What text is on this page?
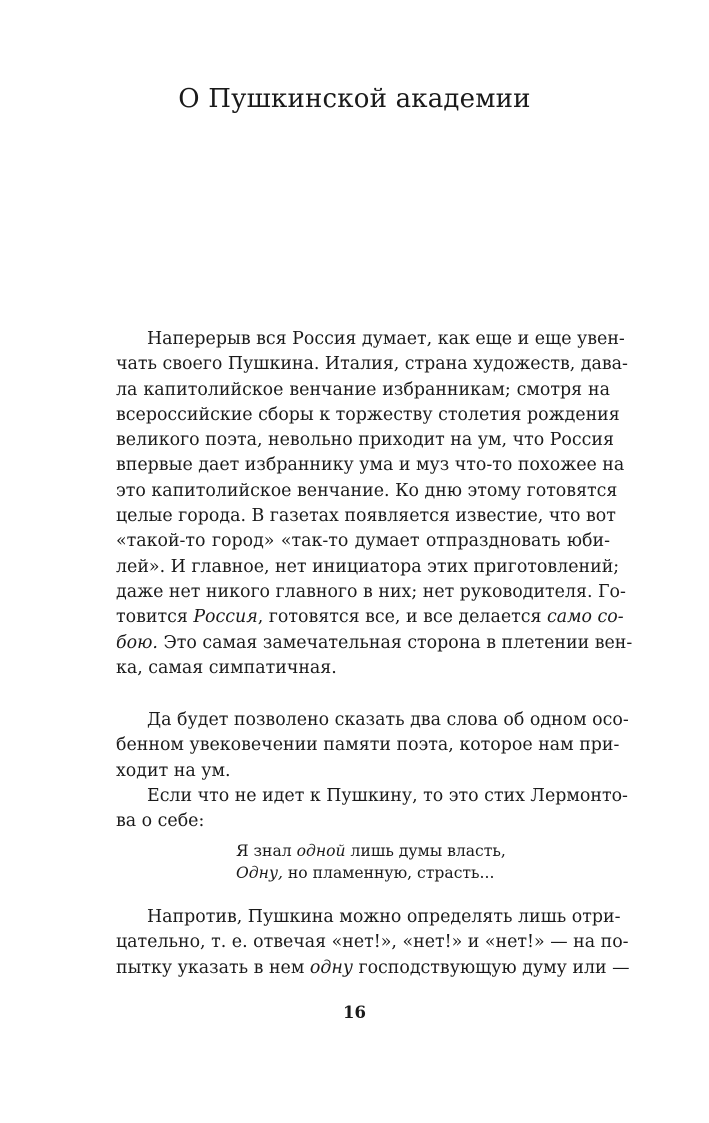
О Пушкинской академии
Наперерыв вся Россия думает, как еще и еще увен-
чать своего Пушкина. Италия, страна художеств, дава-
ла капитолийское венчание избранникам; смотря на
всероссийские сборы к торжеству столетия рождения
великого поэта, невольно приходит на ум, что Россия
впервые дает избраннику ума и муз что-то похожее на
это капитолийское венчание. Ко дню этому готовятся
целые города. В газетах появляется известие, что вот
«такой-то город» «так-то думает отпраздновать юби-
лей». И главное, нет инициатора этих приготовлений;
даже нет никого главного в них; нет руководителя. Го-
товится Россия, готовятся все, и все делается само со-
бою. Это самая замечательная сторона в плетении вен-
ка, самая симпатичная.
Да будет позволено сказать два слова об одном осо-
бенном увековечении памяти поэта, которое нам при-
ходит на ум.
Если что не идет к Пушкину, то это стих Лермонто-
ва о себе:
Я знал одной лишь думы власть,
Одну, но пламенную, страсть...
Напротив, Пушкина можно определять лишь отри-
цательно, т. е. отвечая «нет!», «нет!» и «нет!» — на по-
пытку указать в нем одну господствующую думу или —
16
